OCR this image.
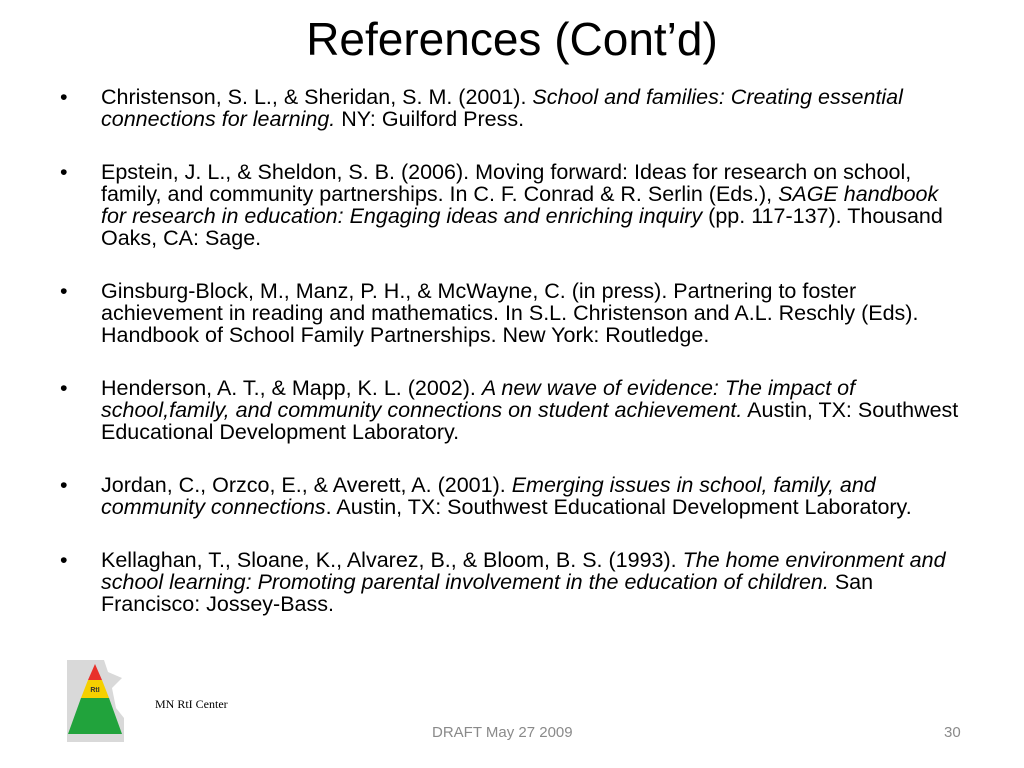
References (Cont’d)
• Christenson, S. L., & Sheridan, S. M. (2001). School and families: Creating essential connections for learning. NY: Guilford Press.
• Epstein, J. L., & Sheldon, S. B. (2006). Moving forward: Ideas for research on school, family, and community partnerships. In C. F. Conrad & R. Serlin (Eds.), SAGE handbook for research in education: Engaging ideas and enriching inquiry (pp. 117-137). Thousand Oaks, CA: Sage.
• Ginsburg-Block, M., Manz, P. H., & McWayne, C. (in press). Partnering to foster achievement in reading and mathematics. In S.L. Christenson and A.L. Reschly (Eds). Handbook of School Family Partnerships. New York: Routledge.
• Henderson, A. T., & Mapp, K. L. (2002). A new wave of evidence: The impact of school,family, and community connections on student achievement. Austin, TX: Southwest Educational Development Laboratory.
• Jordan, C., Orzco, E., & Averett, A. (2001). Emerging issues in school, family, and community connections. Austin, TX: Southwest Educational Development Laboratory.
• Kellaghan, T., Sloane, K., Alvarez, B., & Bloom, B. S. (1993). The home environment and school learning: Promoting parental involvement in the education of children. San Francisco: Jossey-Bass.
RtI
MN RtI Center
DRAFT May 27 2009	30
